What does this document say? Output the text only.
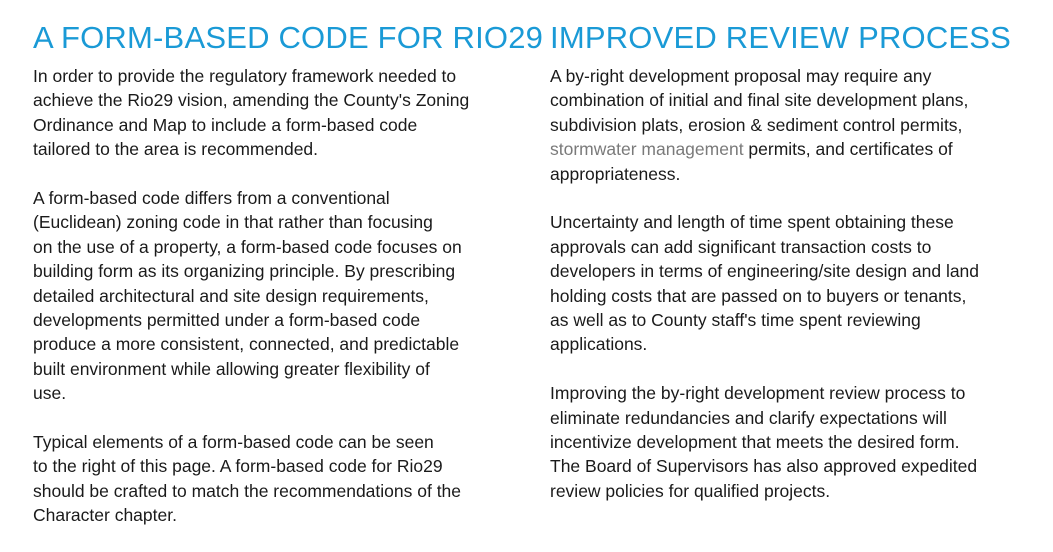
A FORM-BASED CODE FOR RIO29

In order to provide the regulatory framework needed to
achieve the Rio29 vision, amending the County's Zoning
Ordinance and Map to include a form-based code
tailored to the area is recommended.

A form-based code differs from a conventional
(Euclidean) zoning code in that rather than focusing
on the use of a property, a form-based code focuses on
building form as its organizing principle. By prescribing
detailed architectural and site design requirements,
developments permitted under a form-based code
produce a more consistent, connected, and predictable
built environment while allowing greater flexibility of
use.

Typical elements of a form-based code can be seen
to the right of this page. A form-based code for Rio29
should be crafted to match the recommendations of the
Character chapter.

IMPROVED REVIEW PROCESS

A by-right development proposal may require any
combination of initial and final site development plans,
subdivision plats, erosion & sediment control permits,
stormwater management permits, and certificates of
appropriateness.

Uncertainty and length of time spent obtaining these
approvals can add significant transaction costs to
developers in terms of engineering/site design and land
holding costs that are passed on to buyers or tenants,
as well as to County staff's time spent reviewing
applications.

Improving the by-right development review process to
eliminate redundancies and clarify expectations will
incentivize development that meets the desired form.
The Board of Supervisors has also approved expedited
review policies for qualified projects.
